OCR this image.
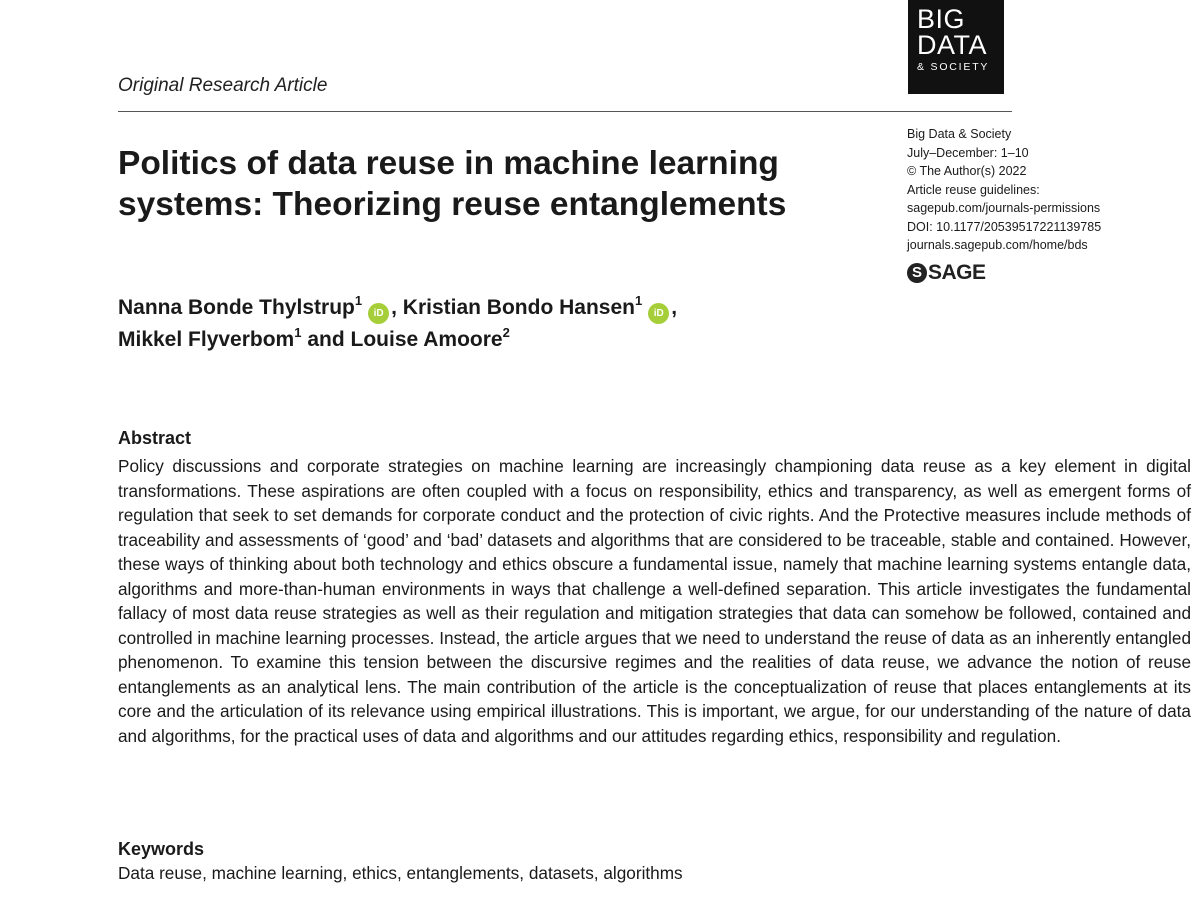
BIG
DATA
& SOCIETY
Original Research Article
Big Data & Society
July–December: 1–10
© The Author(s) 2022
Article reuse guidelines:
sagepub.com/journals-permissions
DOI: 10.1177/20539517221139785
journals.sagepub.com/home/bds
S SAGE
Politics of data reuse in machine learning
systems: Theorizing reuse entanglements
Nanna Bonde Thylstrup$^1$iD , Kristian Bondo Hansen$^1$iD ,
Mikkel Flyverbom$^1$ and Louise Amoore$^2$
Abstract

Policy discussions and corporate strategies on machine learning are increasingly championing data reuse as a key element in digital transformations. These aspirations are often coupled with a focus on responsibility, ethics and transparency, as well as emergent forms of regulation that seek to set demands for corporate conduct and the protection of civic rights. And the Protective measures include methods of traceability and assessments of ‘good’ and ‘bad’ datasets and algorithms that are considered to be traceable, stable and contained. However, these ways of thinking about both technology and ethics obscure a fundamental issue, namely that machine learning systems entangle data, algorithms and more-than-human environments in ways that challenge a well-defined separation. This article investigates the fundamental fallacy of most data reuse strategies as well as their regulation and mitigation strategies that data can somehow be followed, contained and controlled in machine learning processes. Instead, the article argues that we need to understand the reuse of data as an inherently entangled phenomenon. To examine this tension between the discursive regimes and the realities of data reuse, we advance the notion of reuse entanglements as an analytical lens. The main contribution of the article is the conceptualization of reuse that places entanglements at its core and the articulation of its relevance using empirical illustrations. This is important, we argue, for our understanding of the nature of data and algorithms, for the practical uses of data and algorithms and our attitudes regarding ethics, responsibility and regulation.

Keywords
Data reuse, machine learning, ethics, entanglements, datasets, algorithms
